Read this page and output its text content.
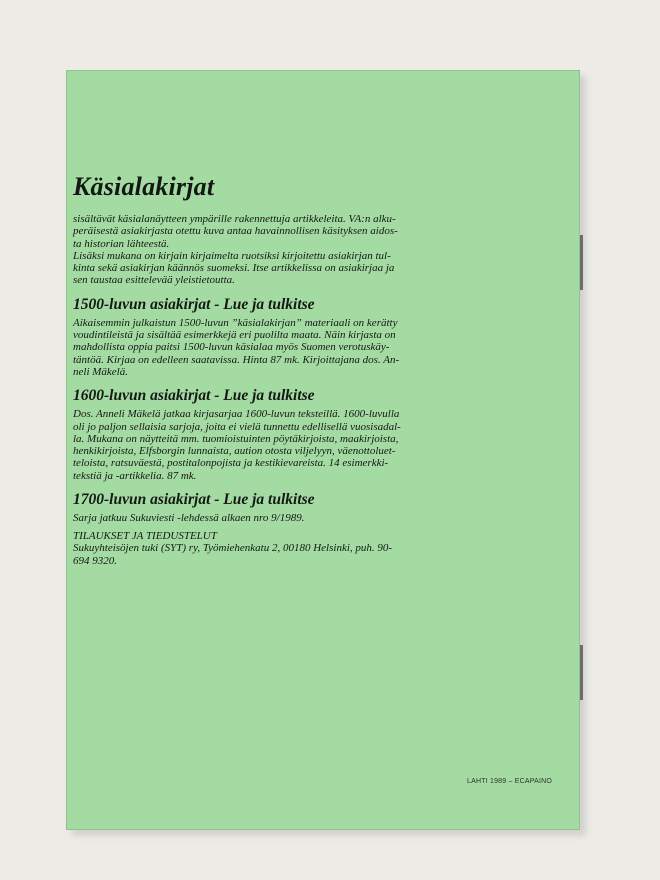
Käsialakirjat

sisältävät käsialanäytteen ympärille rakennettuja artikkeleita. VA:n alku-
peräisestä asiakirjasta otettu kuva antaa havainnollisen käsityksen aidos-
ta historian lähteestä.
Lisäksi mukana on kirjain kirjaimelta ruotsiksi kirjoitettu asiakirjan tul-
kinta sekä asiakirjan käännös suomeksi. Itse artikkelissa on asiakirjaa ja
sen taustaa esittelevää yleistietoutta.

1500-luvun asiakirjat - Lue ja tulkitse

Aikaisemmin julkaistun 1500-luvun ”käsialakirjan” materiaali on kerätty
voudintileistä ja sisältää esimerkkejä eri puolilta maata. Näin kirjasta on
mahdollista oppia paitsi 1500-luvun käsialaa myös Suomen verotuskäy-
täntöä. Kirjaa on edelleen saatavissa. Hinta 87 mk. Kirjoittajana dos. An-
neli Mäkelä.

1600-luvun asiakirjat - Lue ja tulkitse

Dos. Anneli Mäkelä jatkaa kirjasarjaa 1600-luvun teksteillä. 1600-luvulla
oli jo paljon sellaisia sarjoja, joita ei vielä tunnettu edellisellä vuosisadal-
la. Mukana on näytteitä mm. tuomioistuinten pöytäkirjoista, maakirjoista,
henkikirjoista, Elfsborgin lunnaista, aution otosta viljelyyn, väenottoluet-
teloista, ratsuväestä, postitalonpojista ja kestikievareista. 14 esimerkki-
tekstiä ja -artikkelia. 87 mk.

1700-luvun asiakirjat - Lue ja tulkitse

Sarja jatkuu Sukuviesti -lehdessä alkaen nro 9/1989.

TILAUKSET JA TIEDUSTELUT

Sukuyhteisöjen tuki (SYT) ry, Työmiehenkatu 2, 00180 Helsinki, puh. 90-
694 9320.

LAHTI 1989 – ECAPAINO
